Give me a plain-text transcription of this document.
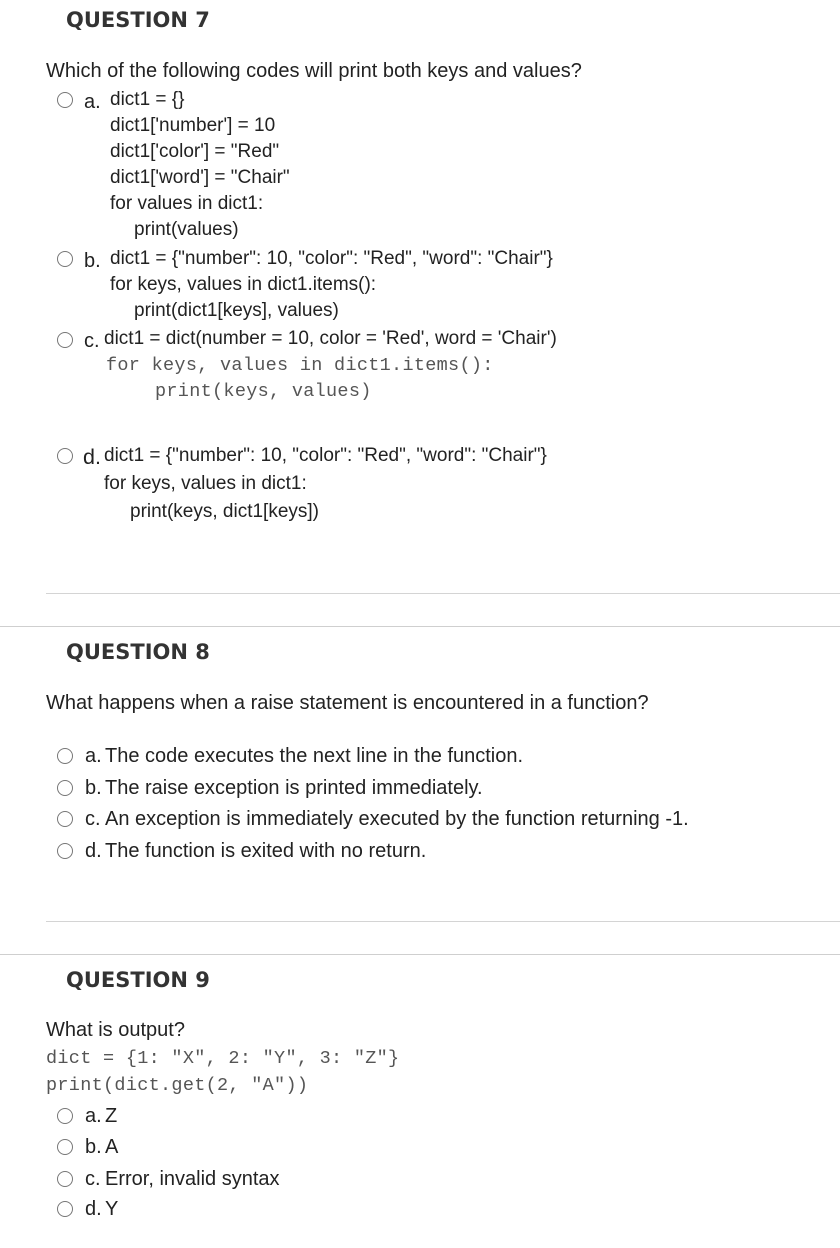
QUESTION 7
Which of the following codes will print both keys and values?
a. dict1 = {}
dict1['number'] = 10
dict1['color'] = "Red"
dict1['word'] = "Chair"
for values in dict1:
print(values)
b. dict1 = {"number": 10, "color": "Red", "word": "Chair"}
for keys, values in dict1.items():
print(dict1[keys], values)
c. dict1 = dict(number = 10, color = 'Red', word = 'Chair')
for keys, values in dict1.items():
print(keys, values)
d. dict1 = {"number": 10, "color": "Red", "word": "Chair"}
for keys, values in dict1:
print(keys, dict1[keys])
QUESTION 8
What happens when a raise statement is encountered in a function?
a. The code executes the next line in the function.
b. The raise exception is printed immediately.
c. An exception is immediately executed by the function returning -1.
d. The function is exited with no return.
QUESTION 9
What is output?
dict = {1: "X", 2: "Y", 3: "Z"}
print(dict.get(2, "A"))
a. Z
b. A
c. Error, invalid syntax
d. Y
